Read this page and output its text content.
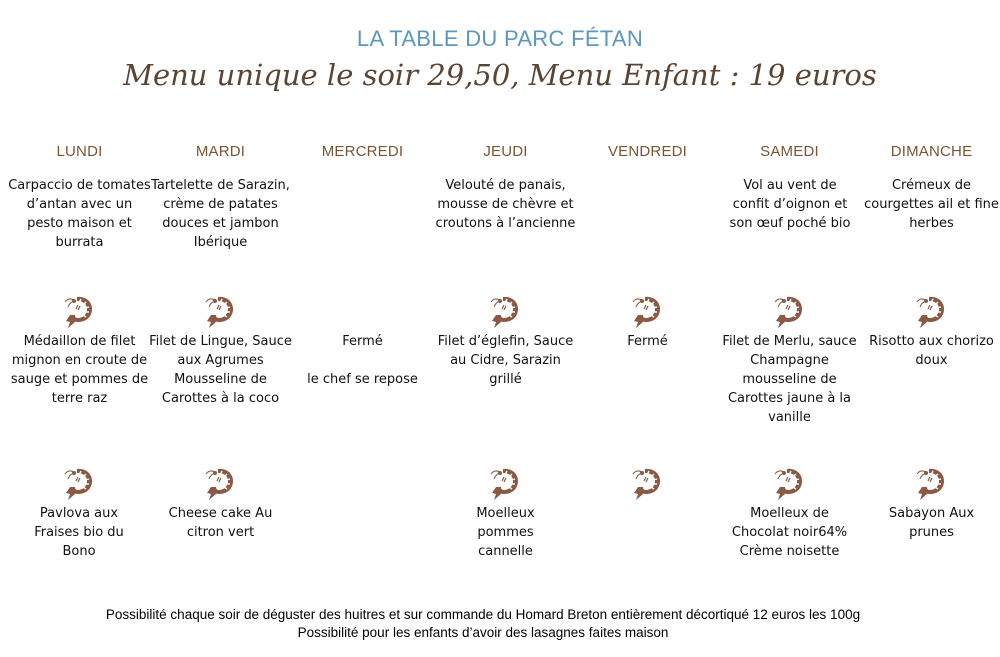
LA TABLE DU PARC FÉTAN
Menu unique le soir 29,50, Menu Enfant : 19 euros
LUNDI
Carpaccio de tomates d’antan avec un pesto maison et burrata
Médaillon de filet mignon en croute de sauge et pommes de terre raz
Pavlova aux Fraises bio du Bono
MARDI
Tartelette de Sarazin, crème de patates douces et jambon Ibérique
Filet de Lingue, Sauce aux Agrumes Mousseline de Carottes à la coco
Cheese cake Au citron vert
MERCREDI
Fermé
le chef se repose
JEUDI
Velouté de panais, mousse de chèvre et croutons à l’ancienne
Filet d’églefin, Sauce au Cidre, Sarazin grillé
Moelleux pommes cannelle
VENDREDI
Fermé
SAMEDI
Vol au vent de confit d’oignon et son œuf poché bio
Filet de Merlu, sauce Champagne mousseline de Carottes jaune à la vanille
Moelleux de Chocolat noir64% Crème noisette
DIMANCHE
Crémeux de courgettes ail et fine herbes
Risotto aux chorizo doux
Sabayon Aux prunes
Possibilité chaque soir de déguster des huitres et sur commande du Homard Breton entièrement décortiqué 12 euros les 100g
Possibilité pour les enfants d’avoir des lasagnes faites maison
